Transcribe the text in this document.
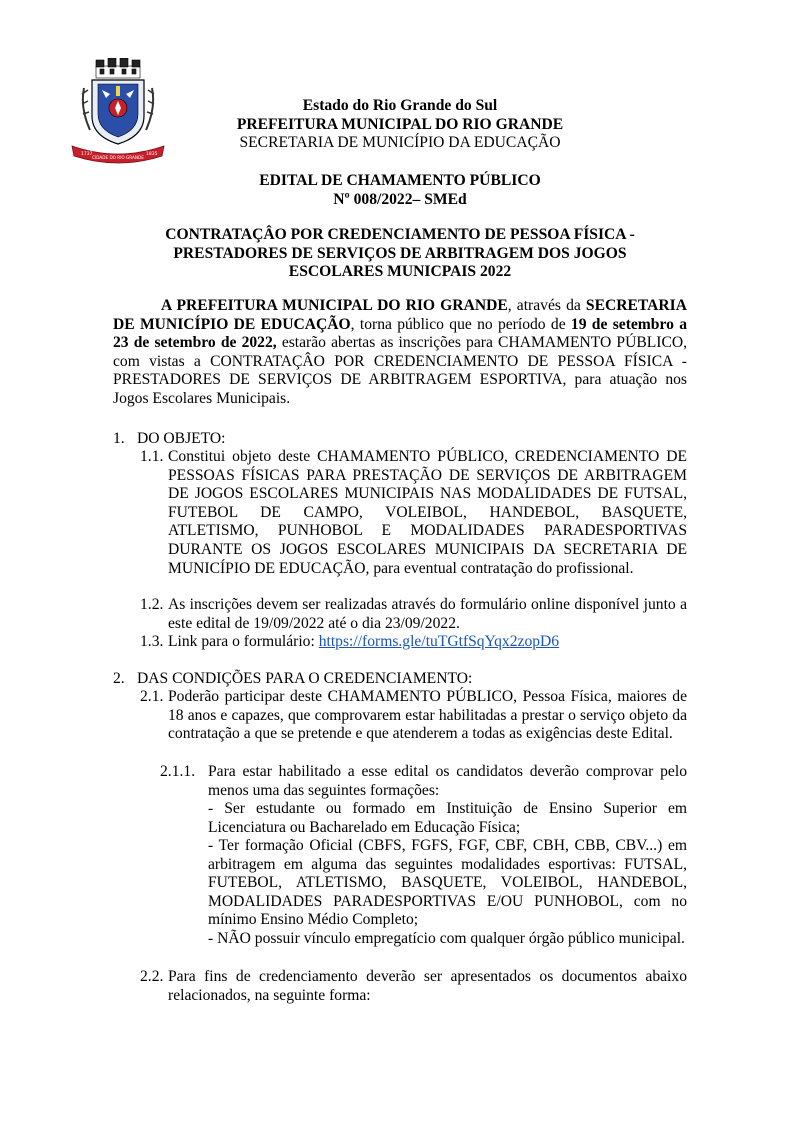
1737
CIDADE DO RIO GRANDE
1835
Estado do Rio Grande do Sul
PREFEITURA MUNICIPAL DO RIO GRANDE
SECRETARIA DE MUNICÍPIO DA EDUCAÇÃO
EDITAL DE CHAMAMENTO PÚBLICO
Nº 008/2022– SMEd
CONTRATAÇÂO POR CREDENCIAMENTO DE PESSOA FÍSICA -
PRESTADORES DE SERVIÇOS DE ARBITRAGEM DOS JOGOS
ESCOLARES MUNICPAIS 2022
A PREFEITURA MUNICIPAL DO RIO GRANDE, através da SECRETARIA DE MUNICÍPIO DE EDUCAÇÃO, torna público que no período de 19 de setembro a 23 de setembro de 2022, estarão abertas as inscrições para CHAMAMENTO PÚBLICO, com vistas a CONTRATAÇÂO POR CREDENCIAMENTO DE PESSOA FÍSICA - PRESTADORES DE SERVIÇOS DE ARBITRAGEM ESPORTIVA, para atuação nos Jogos Escolares Municipais.
1. DO OBJETO:
1.1. Constitui objeto deste CHAMAMENTO PÚBLICO, CREDENCIAMENTO DE PESSOAS FÍSICAS PARA PRESTAÇÃO DE SERVIÇOS DE ARBITRAGEM DE JOGOS ESCOLARES MUNICIPAIS NAS MODALIDADES DE FUTSAL, FUTEBOL DE CAMPO, VOLEIBOL, HANDEBOL, BASQUETE, ATLETISMO, PUNHOBOL E MODALIDADES PARADESPORTIVAS DURANTE OS JOGOS ESCOLARES MUNICIPAIS DA SECRETARIA DE MUNICÍPIO DE EDUCAÇÃO, para eventual contratação do profissional.
1.2. As inscrições devem ser realizadas através do formulário online disponível junto a este edital de 19/09/2022 até o dia 23/09/2022.
1.3. Link para o formulário: https://forms.gle/tuTGtfSqYqx2zopD6
2. DAS CONDIÇÕES PARA O CREDENCIAMENTO:
2.1. Poderão participar deste CHAMAMENTO PÚBLICO, Pessoa Física, maiores de 18 anos e capazes, que comprovarem estar habilitadas a prestar o serviço objeto da contratação a que se pretende e que atenderem a todas as exigências deste Edital.
2.1.1. Para estar habilitado a esse edital os candidatos deverão comprovar pelo menos uma das seguintes formações:
- Ser estudante ou formado em Instituição de Ensino Superior em Licenciatura ou Bacharelado em Educação Física;
- Ter formação Oficial (CBFS, FGFS, FGF, CBF, CBH, CBB, CBV...) em arbitragem em alguma das seguintes modalidades esportivas: FUTSAL, FUTEBOL, ATLETISMO, BASQUETE, VOLEIBOL, HANDEBOL, MODALIDADES PARADESPORTIVAS E/OU PUNHOBOL, com no mínimo Ensino Médio Completo;
- NÃO possuir vínculo empregatício com qualquer órgão público municipal.
2.2. Para fins de credenciamento deverão ser apresentados os documentos abaixo relacionados, na seguinte forma:
